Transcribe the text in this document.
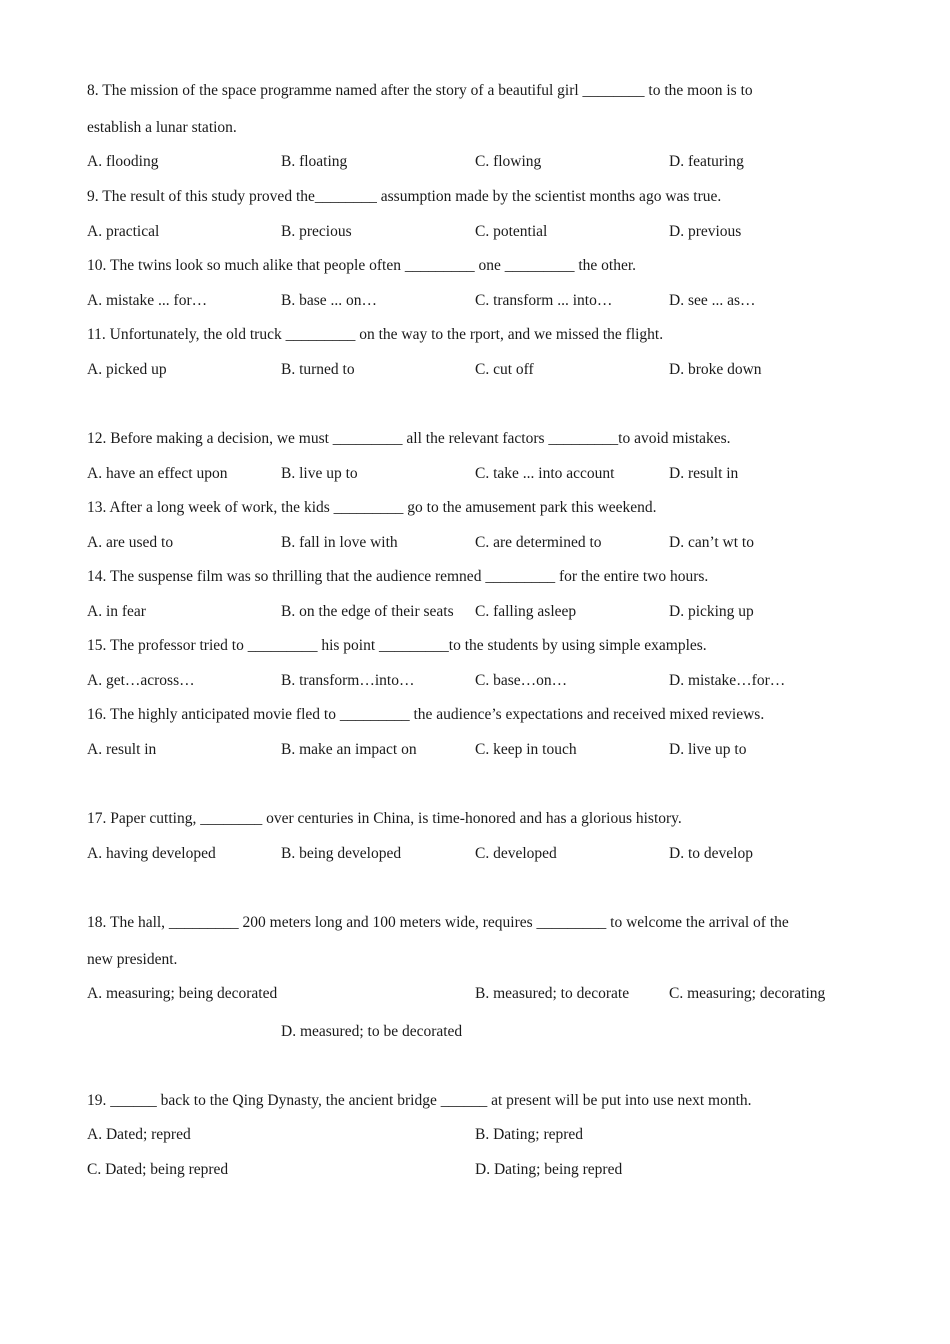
8. The mission of the space programme named after the story of a beautiful girl ________ to the moon is to
establish a lunar station.
A. flooding	B. floating	C. flowing	D. featuring
9. The result of this study proved the________ assumption made by the scientist months ago was true.
A. practical	B. precious	C. potential	D. previous
10. The twins look so much alike that people often _________ one _________ the other.
A. mistake ... for…	B. base ... on…	C. transform ... into…	D. see ... as…
11. Unfortunately, the old truck _________ on the way to the rport, and we missed the flight.
A. picked up	B. turned to	C. cut off	D. broke down
12. Before making a decision, we must _________ all the relevant factors _________to avoid mistakes.
A. have an effect upon	B. live up to	C. take ... into account	D. result in
13. After a long week of work, the kids _________ go to the amusement park this weekend.
A. are used to	B. fall in love with	C. are determined to	D. can’t wt to
14. The suspense film was so thrilling that the audience remned _________ for the entire two hours.
A. in fear	B. on the edge of their seats C. falling asleep	D. picking up
15. The professor tried to _________ his point _________to the students by using simple examples.
A. get…across…	B. transform…into…	C. base…on…	D. mistake…for…
16. The highly anticipated movie fled to _________ the audience’s expectations and received mixed reviews.
A. result in	B. make an impact on	C. keep in touch	D. live up to
17. Paper cutting, ________ over centuries in China, is time-honored and has a glorious history.
A. having developed	B. being developed	C. developed	D. to develop
18. The hall, _________ 200 meters long and 100 meters wide, requires _________ to welcome the arrival of the
new president.
A. measuring; being decorated	B. measured; to decorate	C. measuring; decorating
D. measured; to be decorated
19. ______ back to the Qing Dynasty, the ancient bridge ______ at present will be put into use next month.
A. Dated; repred	B. Dating; repred
C. Dated; being repred	D. Dating; being repred
